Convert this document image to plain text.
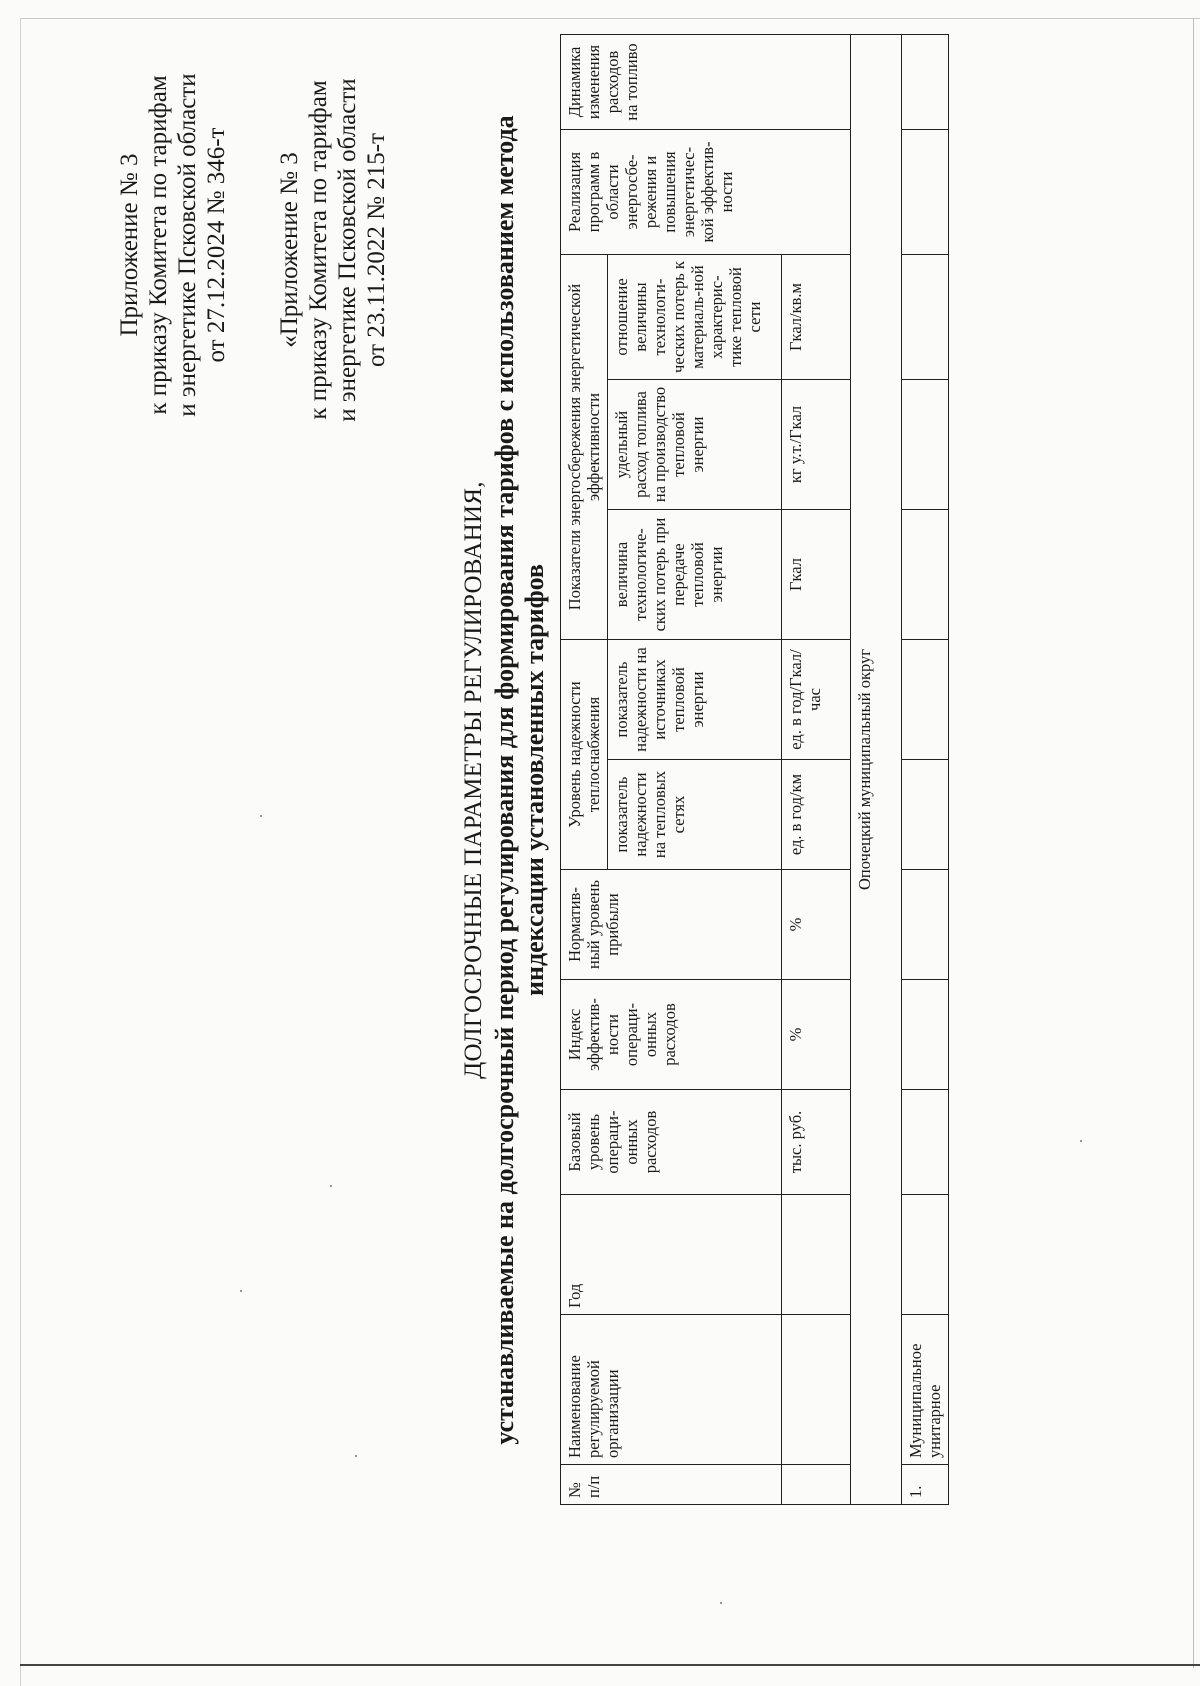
Приложение № 3 к приказу Комитета по тарифам и энергетике Псковской области от 27.12.2024 № 346-т «Приложение № 3 к приказу Комитета по тарифам и энергетике Псковской области от 23.11.2022 № 215-т
ДОЛГОСРОЧНЫЕ ПАРАМЕТРЫ РЕГУЛИРОВАНИЯ, устанавливаемые на долгосрочный период регулирования для формирования тарифов с использованием метода индексации установленных тарифов
№ п/п	Наименование регулируемой организации	Год	Базовый уровень операци-онных расходов	Индекс эффектив-ности операци-онных расходов	Норматив-ный уровень прибыли	Уровень надежности теплоснабжения		Показатели энергосбережения энергетической эффективности			Реализация программ в области энергосбе-режения и повышения энергетичес-кой эффектив-ности	Динамика изменения расходов на топливо
						показатель надежности на тепловых сетях	показатель надежности на источниках тепловой энергии	величина технологиче-ских потерь при передаче тепловой энергии	удельный расход топлива на производство тепловой энергии	отношение величины технологи-ческих потерь к материаль-ной характерис-тике тепловой сети		
			тыс. руб.	%	%	ед. в год/км	ед. в год/Гкал/час	Гкал	кг у.т./Гкал	Гкал/кв.м		
Опочецкий муниципальный округ												
1.	Муниципальное унитарное											
